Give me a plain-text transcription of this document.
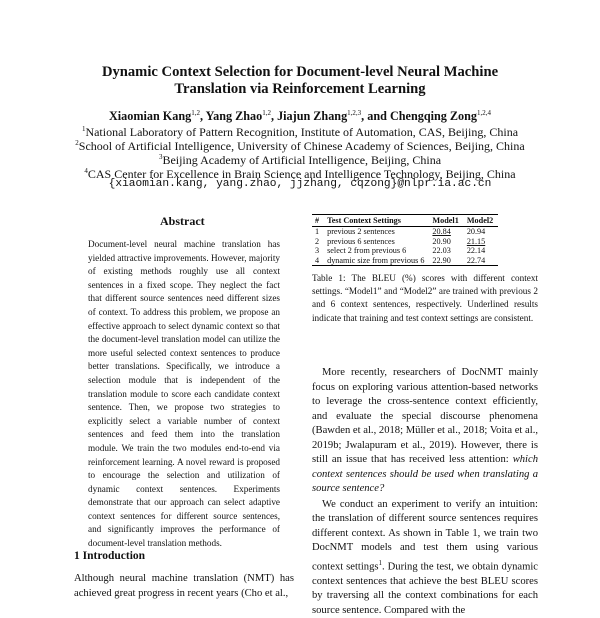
Dynamic Context Selection for Document-level Neural Machine
Translation via Reinforcement Learning
Xiaomian Kang$^{1,2}$, Yang Zhao$^{1,2}$, Jiajun Zhang$^{1,2,3}$, and Chengqing Zong$^{1,2,4}$
$^1$National Laboratory of Pattern Recognition, Institute of Automation, CAS, Beijing, China
$^2$School of Artificial Intelligence, University of Chinese Academy of Sciences, Beijing, China
$^3$Beijing Academy of Artificial Intelligence, Beijing, China
$^4$CAS Center for Excellence in Brain Science and Intelligence Technology, Beijing, China
{xiaomian.kang, yang.zhao, jjzhang, cqzong}@nlpr.ia.ac.cn
Abstract
Document-level neural machine translation has yielded attractive improvements. However, majority of existing methods roughly use all context sentences in a fixed scope. They neglect the fact that different source sentences need different sizes of context. To address this problem, we propose an effective approach to select dynamic context so that the document-level translation model can utilize the more useful selected context sentences to produce better translations. Specifically, we introduce a selection module that is independent of the translation module to score each candidate context sentence. Then, we propose two strategies to explicitly select a variable number of context sentences and feed them into the translation module. We train the two modules end-to-end via reinforcement learning. A novel reward is proposed to encourage the selection and utilization of dynamic context sentences. Experiments demonstrate that our approach can select adaptive context sentences for different source sentences, and significantly improves the performance of document-level translation methods.
1 Introduction
Although neural machine translation (NMT) has achieved great progress in recent years (Cho et al.,
#	Test Context Settings	Model1	Model2
1	previous 2 sentences	20.84	20.94
2	previous 6 sentences	20.90	21.15
3	select 2 from previous 6	22.03	22.14
4	dynamic size from previous 6	22.90	22.74
Table 1: The BLEU (%) scores with different context settings. “Model1” and “Model2” are trained with previous 2 and 6 context sentences, respectively. Underlined results indicate that training and test context settings are consistent.

More recently, researchers of DocNMT mainly focus on exploring various attention-based networks to leverage the cross-sentence context efficiently, and evaluate the special discourse phenomena (Bawden et al., 2018; Müller et al., 2018; Voita et al., 2019b; Jwalapuram et al., 2019). However, there is still an issue that has received less attention: which context sentences should be used when translating a source sentence?

We conduct an experiment to verify an intuition: the translation of different source sentences requires different context. As shown in Table 1, we train two DocNMT models and test them using various context settings$^1$. During the test, we obtain dynamic context sentences that achieve the best BLEU scores by traversing all the context combinations for each source sentence. Compared with the
